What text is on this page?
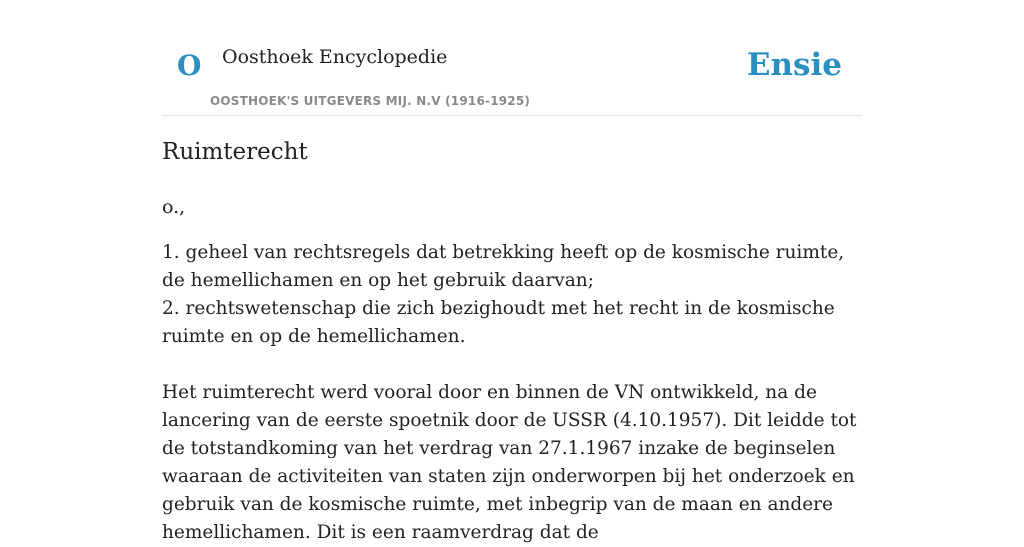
O Oosthoek Encyclopedie
OOSTHOEK'S UITGEVERS MIJ. N.V (1916-1925)
Ensie
Ruimterecht
o.,

1. geheel van rechtsregels dat betrekking heeft op de kosmische ruimte, de hemellichamen en op het gebruik daarvan;

2. rechtswetenschap die zich bezighoudt met het recht in de kosmische ruimte en op de hemellichamen.

Het ruimterecht werd vooral door en binnen de VN ontwikkeld, na de lancering van de eerste spoetnik door de USSR (4.10.1957). Dit leidde tot de totstandkoming van het verdrag van 27.1.1967 inzake de beginselen waaraan de activiteiten van staten zijn onderworpen bij het onderzoek en gebruik van de kosmische ruimte, met inbegrip van de maan en andere hemellichamen. Dit is een raamverdrag dat de
